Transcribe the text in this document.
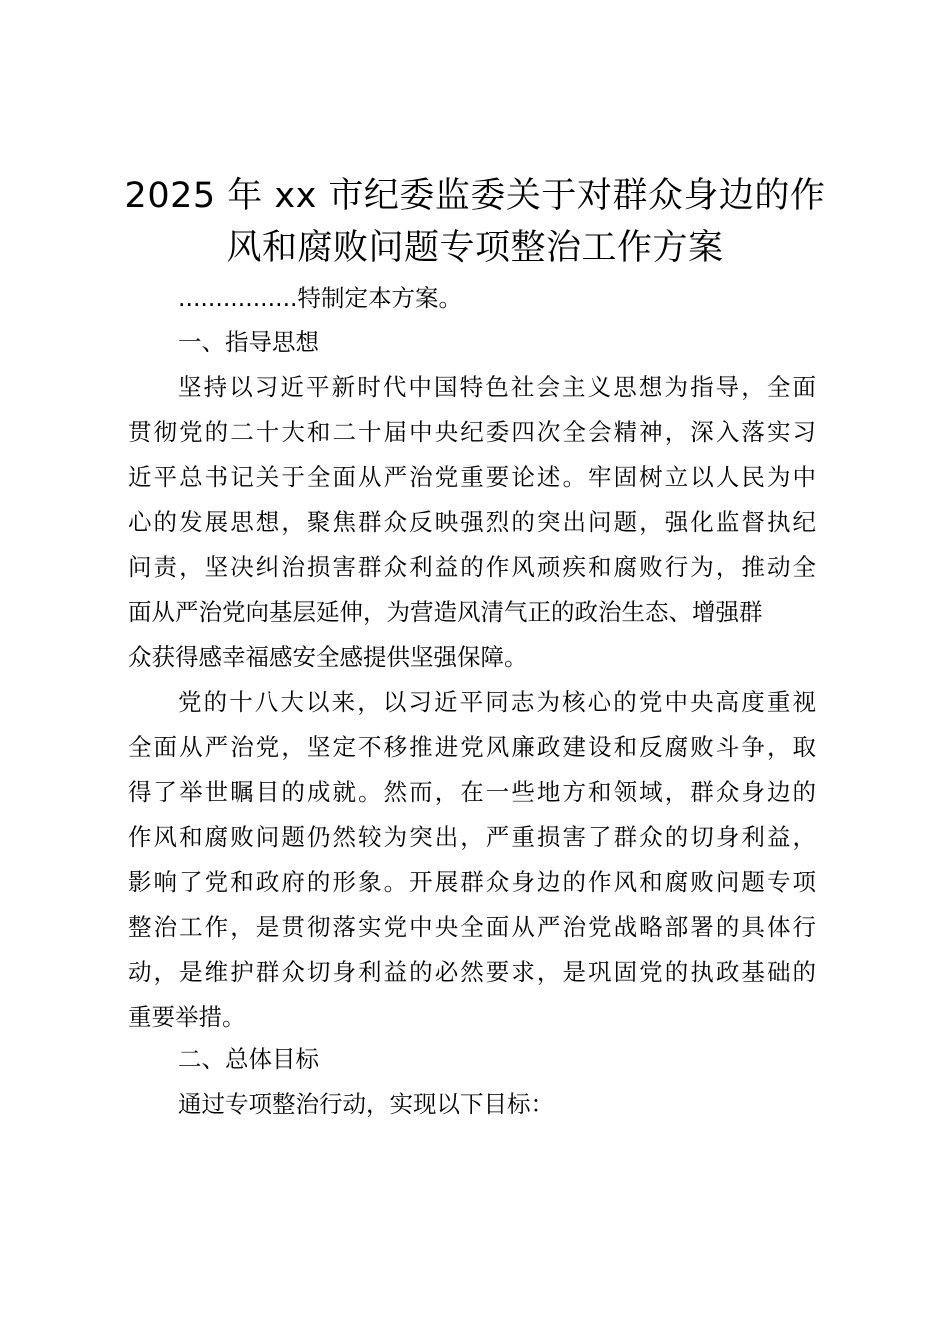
2025 年 xx 市纪委监委关于对群众身边的作
风和腐败问题专项整治工作方案
................特制定本方案。
一、指导思想
坚持以习近平新时代中国特色社会主义思想为指导，全面
贯彻党的二十大和二十届中央纪委四次全会精神，深入落实习
近平总书记关于全面从严治党重要论述。牢固树立以人民为中
心的发展思想，聚焦群众反映强烈的突出问题，强化监督执纪
问责，坚决纠治损害群众利益的作风顽疾和腐败行为，推动全
面从严治党向基层延伸，为营造风清气正的政治生态、增强群
众获得感幸福感安全感提供坚强保障。
党的十八大以来，以习近平同志为核心的党中央高度重视
全面从严治党，坚定不移推进党风廉政建设和反腐败斗争，取
得了举世瞩目的成就。然而，在一些地方和领域，群众身边的
作风和腐败问题仍然较为突出，严重损害了群众的切身利益，
影响了党和政府的形象。开展群众身边的作风和腐败问题专项
整治工作，是贯彻落实党中央全面从严治党战略部署的具体行
动，是维护群众切身利益的必然要求，是巩固党的执政基础的
重要举措。
二、总体目标
通过专项整治行动，实现以下目标：
